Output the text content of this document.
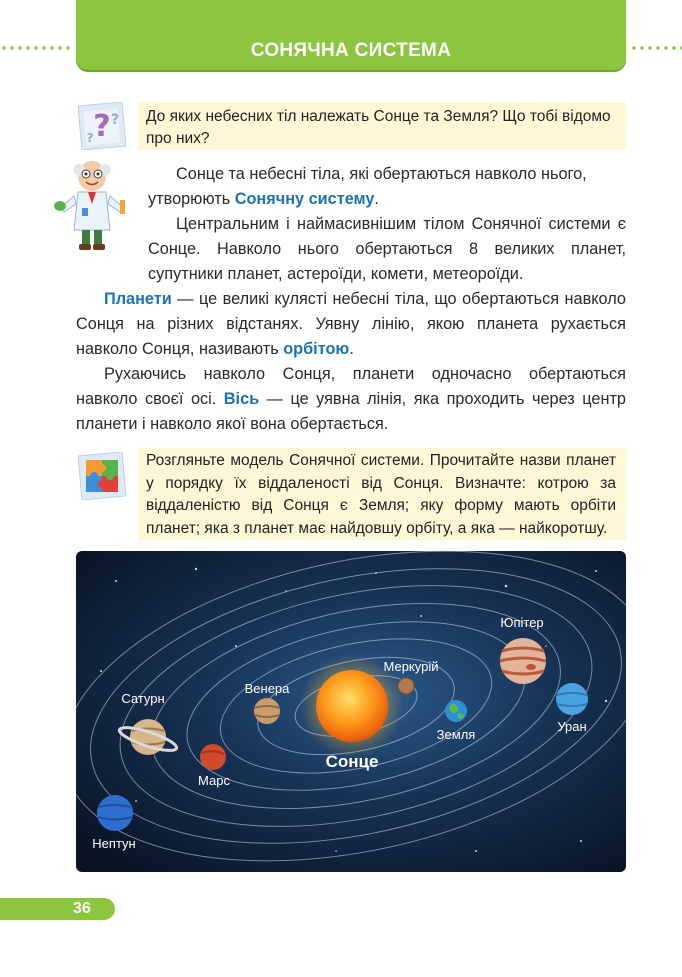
СОНЯЧНА СИСТЕМА
? ?
?
До яких небесних тіл належать Сонце та Земля? Що тобі відомо про них?
Сонце та небесні тіла, які обертаються навколо нього,
утворюють Сонячну систему.
Центральним і наймасивнішим тілом Сонячної системи є Сонце. Навколо нього обертаються 8 великих планет, супутники планет, астероїди, комети, метеороїди.
Планети — це великі кулясті небесні тіла, що обертаються навколо Сонця на різних відстанях. Уявну лінію, якою планета рухається навколо Сонця, називають орбітою.
Рухаючись навколо Сонця, планети одночасно обертаються навколо своєї осі. Вісь — це уявна лінія, яка проходить через центр планети і навколо якої вона обертається.
Розгляньте модель Сонячної системи. Прочитайте назви планет у порядку їх віддаленості від Сонця. Визначте: котрою за віддаленістю від Сонця є Земля; яку форму мають орбіти планет; яка з планет має найдовшу орбіту, а яка — найкоротшу.
Сонце
Меркурій
Венера
Земля
Марс
Юпітер
Сатурн
Уран
Нептун
36
